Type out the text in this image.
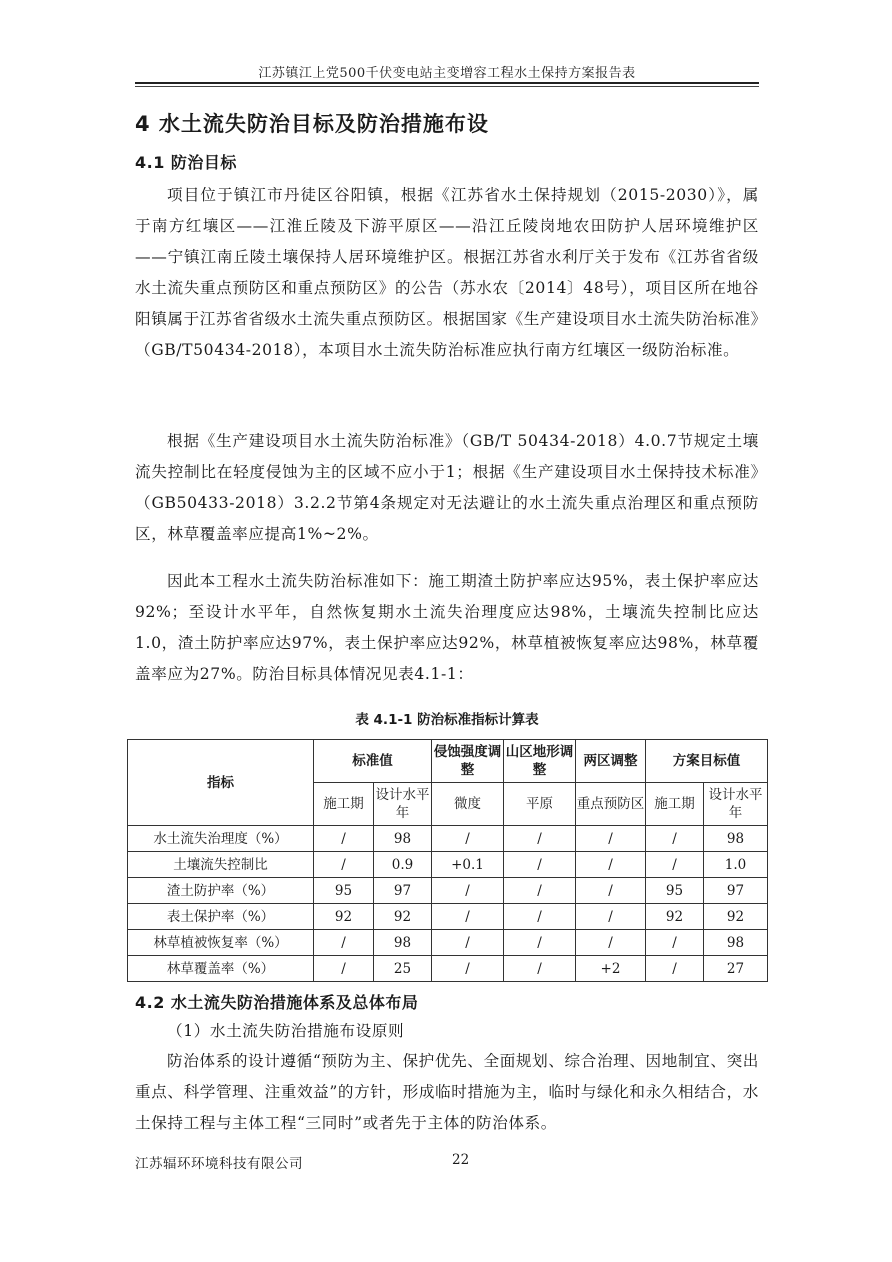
江苏镇江上党500千伏变电站主变增容工程水土保持方案报告表
4 水土流失防治目标及防治措施布设
4.1 防治目标

项目位于镇江市丹徒区谷阳镇，根据《江苏省水土保持规划（2015-2030）》，属于南方红壤区——江淮丘陵及下游平原区——沿江丘陵岗地农田防护人居环境维护区——宁镇江南丘陵土壤保持人居环境维护区。根据江苏省水利厅关于发布《江苏省省级水土流失重点预防区和重点预防区》的公告（苏水农〔2014〕48号），项目区所在地谷阳镇属于江苏省省级水土流失重点预防区。根据国家《生产建设项目水土流失防治标准》（GB/T50434-2018），本项目水土流失防治标准应执行南方红壤区一级防治标准。

根据《生产建设项目水土流失防治标准》（GB/T 50434-2018）4.0.7节规定土壤流失控制比在轻度侵蚀为主的区域不应小于1；根据《生产建设项目水土保持技术标准》（GB50433-2018）3.2.2节第4条规定对无法避让的水土流失重点治理区和重点预防区，林草覆盖率应提高1%~2%。

因此本工程水土流失防治标准如下：施工期渣土防护率应达95%，表土保护率应达92%；至设计水平年，自然恢复期水土流失治理度应达98%，土壤流失控制比应达1.0，渣土防护率应达97%，表土保护率应达92%，林草植被恢复率应达98%，林草覆盖率应为27%。防治目标具体情况见表4.1-1：

表 4.1-1 防治标准指标计算表
指标	标准值		侵蚀强度调整	山区地形调整	两区调整	方案目标值	
	施工期	设计水平年	微度	平原	重点预防区	施工期	设计水平年
水土流失治理度（%）	/	98	/	/	/	/	98
土壤流失控制比	/	0.9	+0.1	/	/	/	1.0
渣土防护率（%）	95	97	/	/	/	95	97
表土保护率（%）	92	92	/	/	/	92	92
林草植被恢复率（%）	/	98	/	/	/	/	98
林草覆盖率（%）	/	25	/	/	+2	/	27
4.2 水土流失防治措施体系及总体布局
（1）水土流失防治措施布设原则

防治体系的设计遵循“预防为主、保护优先、全面规划、综合治理、因地制宜、突出重点、科学管理、注重效益”的方针，形成临时措施为主，临时与绿化和永久相结合，水土保持工程与主体工程“三同时”或者先于主体的防治体系。

江苏辐环环境科技有限公司	22
